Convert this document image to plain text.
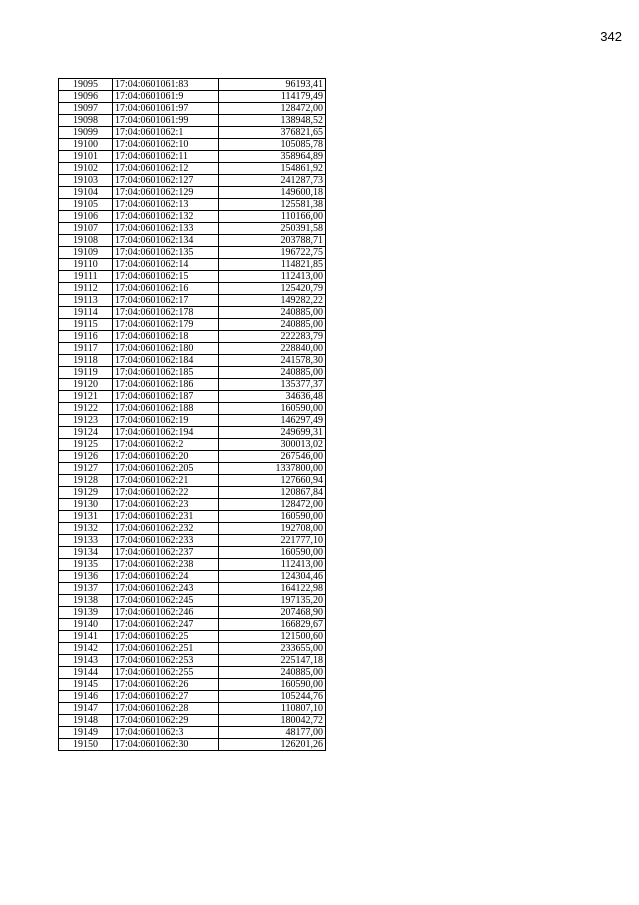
342
19095	17:04:0601061:83	96193,41
19096	17:04:0601061:9	114179,49
19097	17:04:0601061:97	128472,00
19098	17:04:0601061:99	138948,52
19099	17:04:0601062:1	376821,65
19100	17:04:0601062:10	105085,78
19101	17:04:0601062:11	358964,89
19102	17:04:0601062:12	154861,92
19103	17:04:0601062:127	241287,73
19104	17:04:0601062:129	149600,18
19105	17:04:0601062:13	125581,38
19106	17:04:0601062:132	110166,00
19107	17:04:0601062:133	250391,58
19108	17:04:0601062:134	203788,71
19109	17:04:0601062:135	196722,75
19110	17:04:0601062:14	114821,85
19111	17:04:0601062:15	112413,00
19112	17:04:0601062:16	125420,79
19113	17:04:0601062:17	149282,22
19114	17:04:0601062:178	240885,00
19115	17:04:0601062:179	240885,00
19116	17:04:0601062:18	222283,79
19117	17:04:0601062:180	228840,00
19118	17:04:0601062:184	241578,30
19119	17:04:0601062:185	240885,00
19120	17:04:0601062:186	135377,37
19121	17:04:0601062:187	34636,48
19122	17:04:0601062:188	160590,00
19123	17:04:0601062:19	146297,49
19124	17:04:0601062:194	249699,31
19125	17:04:0601062:2	300013,02
19126	17:04:0601062:20	267546,00
19127	17:04:0601062:205	1337800,00
19128	17:04:0601062:21	127660,94
19129	17:04:0601062:22	120867,84
19130	17:04:0601062:23	128472,00
19131	17:04:0601062:231	160590,00
19132	17:04:0601062:232	192708,00
19133	17:04:0601062:233	221777,10
19134	17:04:0601062:237	160590,00
19135	17:04:0601062:238	112413,00
19136	17:04:0601062:24	124304,46
19137	17:04:0601062:243	164122,98
19138	17:04:0601062:245	197135,20
19139	17:04:0601062:246	207468,90
19140	17:04:0601062:247	166829,67
19141	17:04:0601062:25	121500,60
19142	17:04:0601062:251	233655,00
19143	17:04:0601062:253	225147,18
19144	17:04:0601062:255	240885,00
19145	17:04:0601062:26	160590,00
19146	17:04:0601062:27	105244,76
19147	17:04:0601062:28	110807,10
19148	17:04:0601062:29	180042,72
19149	17:04:0601062:3	48177,00
19150	17:04:0601062:30	126201,26
